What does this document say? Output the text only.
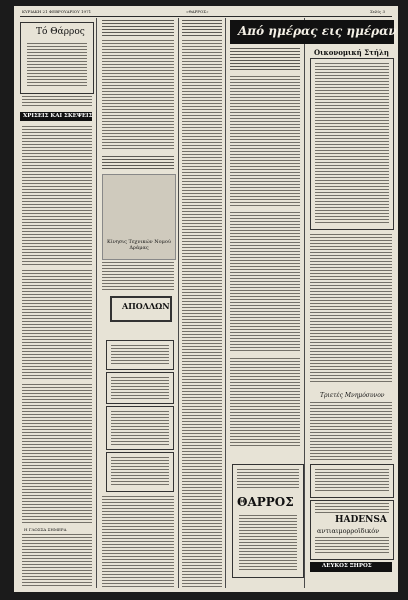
ΚΥΡΙΑΚΗ 21 ΦΕΒΡΟΥΑΡΙΟΥ 1971	«ΘΑΡΡΟΣ»	Σελίς 3
Τό Θάρρος
ΧΡΙΣΕΙΣ ΚΑΙ ΣΚΕΨΕΙΣ
Η ΓΛΩΣΣΑ ΣΗΜΕΡΑ
Κίνησις Τεχνικών Νομού Δράμας
ΑΠΟΛΛΩΝ
Από ημέρας εις ημέραν
Οικονομική Στήλη
Τριετές Μνημόσυνον
ΘΑΡΡΟΣ
HADENSA
αντιαιμορροϊδικόν
ΛΕΥΚΟΣ ΞΗΡΟΣ
